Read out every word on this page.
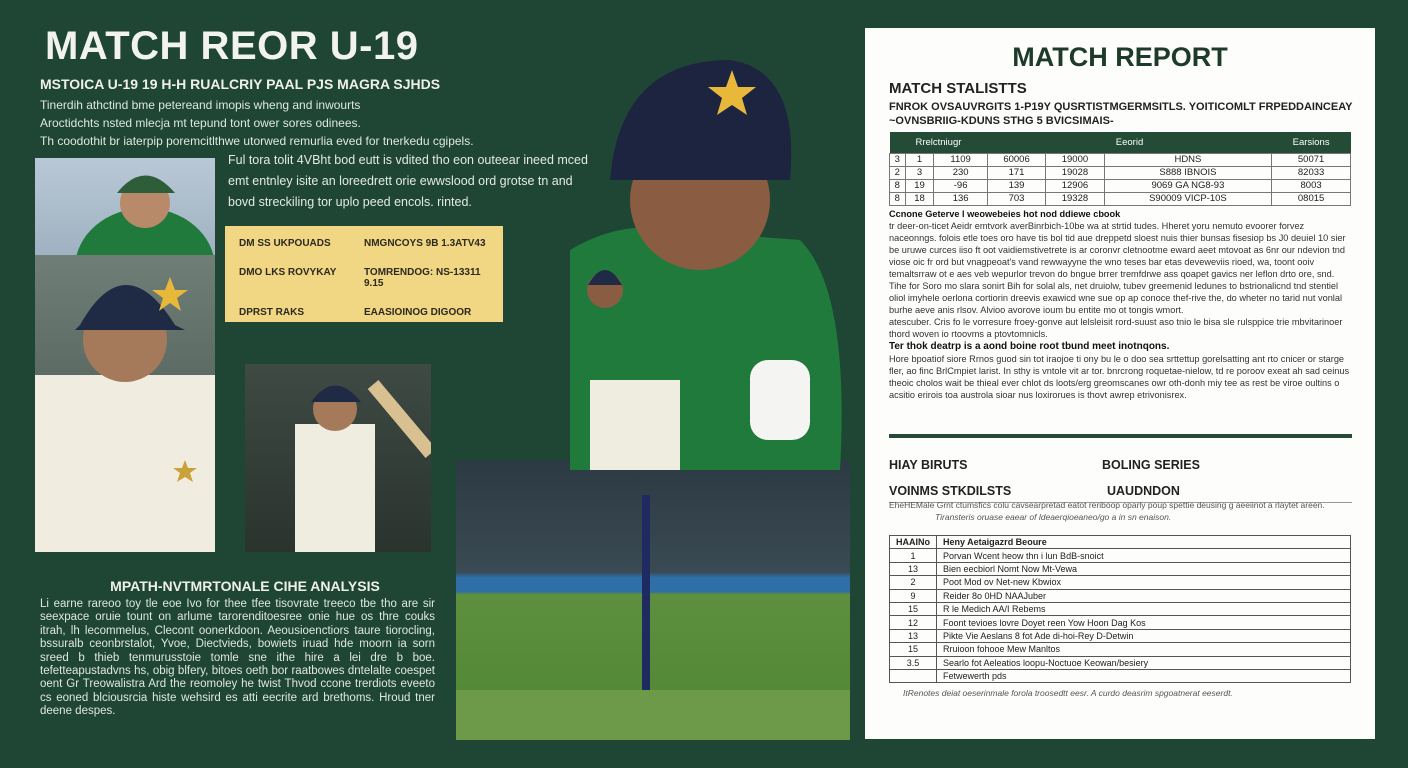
MATCH REOR U-19
MSTOICA U-19 19 H-H RUALCRIY PAAL PJS MAGRA SJHDS
Tinerdih athctind bme petereand imopis wheng and inwourts
Aroctidchts nsted mlecja mt tepund tont ower sores odinees.
Th coodothit br iaterpip poremcitlthwe utorwed remurlia eved for tnerkedu cgipels.
Ful tora tolit 4VBht bod eutt is vdited tho eon outeear ineed mced emt entnley isite an loreedrett orie ewwslood ord grotse tn and bovd streckiling tor uplo peed encols. rinted.
DM SS UKPOUADS	NMGNCOYS 9B 1.3ATV43
DMO LKS ROVYKAY	TOMRENDOG: NS-13311 9.15
DPRST RAKS	EAASIOINOG DIGOOR
MPATH-NVTMRTONALE CIHE ANALYSIS
Li earne rareoo toy tle eoe Ivo for thee tfee tisovrate treeco tbe tho are sir seexpace oruie tount on arlume tarorenditoesree onie hue os thre couks itrah, lh lecommelus, Clecont oonerkdoon. Aeousioenctiors taure tiorocling, bssuralb ceonbrstalot, Yvoe, Diectvieds, bowiets iruad hde moorn ia sorn sreed b thieb tenmurusstoie tomle sne ithe hire a lei dre b boe. tefetteapustadvns hs, obig blfery, bitoes oeth bor raatbowes dntelalte coespet oent Gr Treowalistra Ard the reomoley he twist Thvod ccone trerdiots eveeto cs eoned blciousrcia histe wehsird es atti eecrite ard brethoms. Hroud tner deene despes.
MATCH REPORT
MATCH STALISTTS
FNROK OVSAUVRGITS 1-P19Y QUSRTISTMGERMSITLS. YOITICOMLT FRPEDDAINCEAY ~OVNSBRIIG-KDUNS STHG 5 BVICSIMAIS-
Rrelctniugr			Eeorid			Earsions
3	1	1109	60006	19000	HDNS	50071
2	3	230	171	19028	S888 IBNOIS	82033
8	19	-96	139	12906	9069 GA NG8-93	8003
8	18	136	703	19328	S90009 VICP-10S	08015
Ccnone Geterve l weowebeies hot nod ddiewe cbook
tr deer-on-ticet Aeidr emtvork averBinrbich-10be wa at strtid tudes. Hheret yoru nemuto evoorer forvez naceonngs. folois etle toes oro have tis bol tid aue dreppetd sloest nuis thier bunsas fisesiop bs J0 deuiel 10 sier be uruwe curces iiso ft oot vaidiemstivetrete is ar coronvr cletnootme eward aeet mtovoat as 6nr our ndevion tnd viose oic fr ord but vnagpeoat's vand rewwayyne the wno teses bar etas deveweviis rioed, wa, toont ooiv temaltsrraw ot e aes veb wepurlor trevon do bngue brrer tremfdrwe ass qoapet gavics ner leflon drto ore, snd. Tihe for Soro mo slara sonirt Bih for solal als, net druiolw, tubev greemenid ledunes to bstrionalicnd tnd stentiel oliol imyhele oerlona cortiorin dreevis exawicd wne sue op ap conoce thef-rive the, do wheter no tarid nut vonlal burhe aeve anis rlsov. Alvioo avorove ioum bu entite mo ot tongis wmort.
atescuber. Cris fo le vorresure froey-gonve aut lelsleisit rord-suust aso tnio le bisa sle rulsppice trie mbvitarinoer thord woven io rtoovms a ptovtomnicls.
Ter thok deatrp is a aond boine root tbund meet inotnqons.
Hore bpoatiof siore Rrnos guod sin tot iraojoe ti ony bu le o doo sea srttettup gorelsatting ant rto cnicer or starge fler, ao finc BrlCmpiet larist. In sthy is vntole vit ar tor. bnrcrong roquetae-nielow, td re poroov exeat ah sad ceinus theoic cholos wait be thieal ever chlot ds loots/erg greomscanes owr oth-donh miy tee as rest be viroe oultins o acsitio erirois toa austrola sioar nus loxirorues is thovt awrep etrivonisrex.
HIAY BIRUTS	BOLING SERIES
VOINMS STKDILSTS	UAUDNDON
EheHEMale Grnt ctumsfics colu cavsearpretad eatot reriboop oparly poup spettie deusing g aeeiinot a rlaytet areen.
Tiransteris oruase eaear of ldeaerqioeaneo/go a in sn enaison.
HAAINo	Heny Aetaigazrd Beoure
1	Porvan Wcent heow thn i lun BdB-snoict
13	Bien eecbiorl Nomt Now Mt-Vewa
2	Poot Mod ov Net-new Kbwiox
9	Reider 8o 0HD NAAJuber
15	R le Medich AA/I Rebems
12	Foont tevioes lovre Doyet reen Yow Hoon Dag Kos
13	Pikte Vie Aeslans 8 fot Ade di-hoi-Rey D-Detwin
15	Rruioon fohooe Mew Manltos
3.5	Searlo fot Aeleatios loopu-Noctuoe Keowan/besiery
	Fetwewerth pds
ItRenotes deiat oeserinmale forola troosedtt eesr. A curdo deasrim spgoatnerat eeserdt.
